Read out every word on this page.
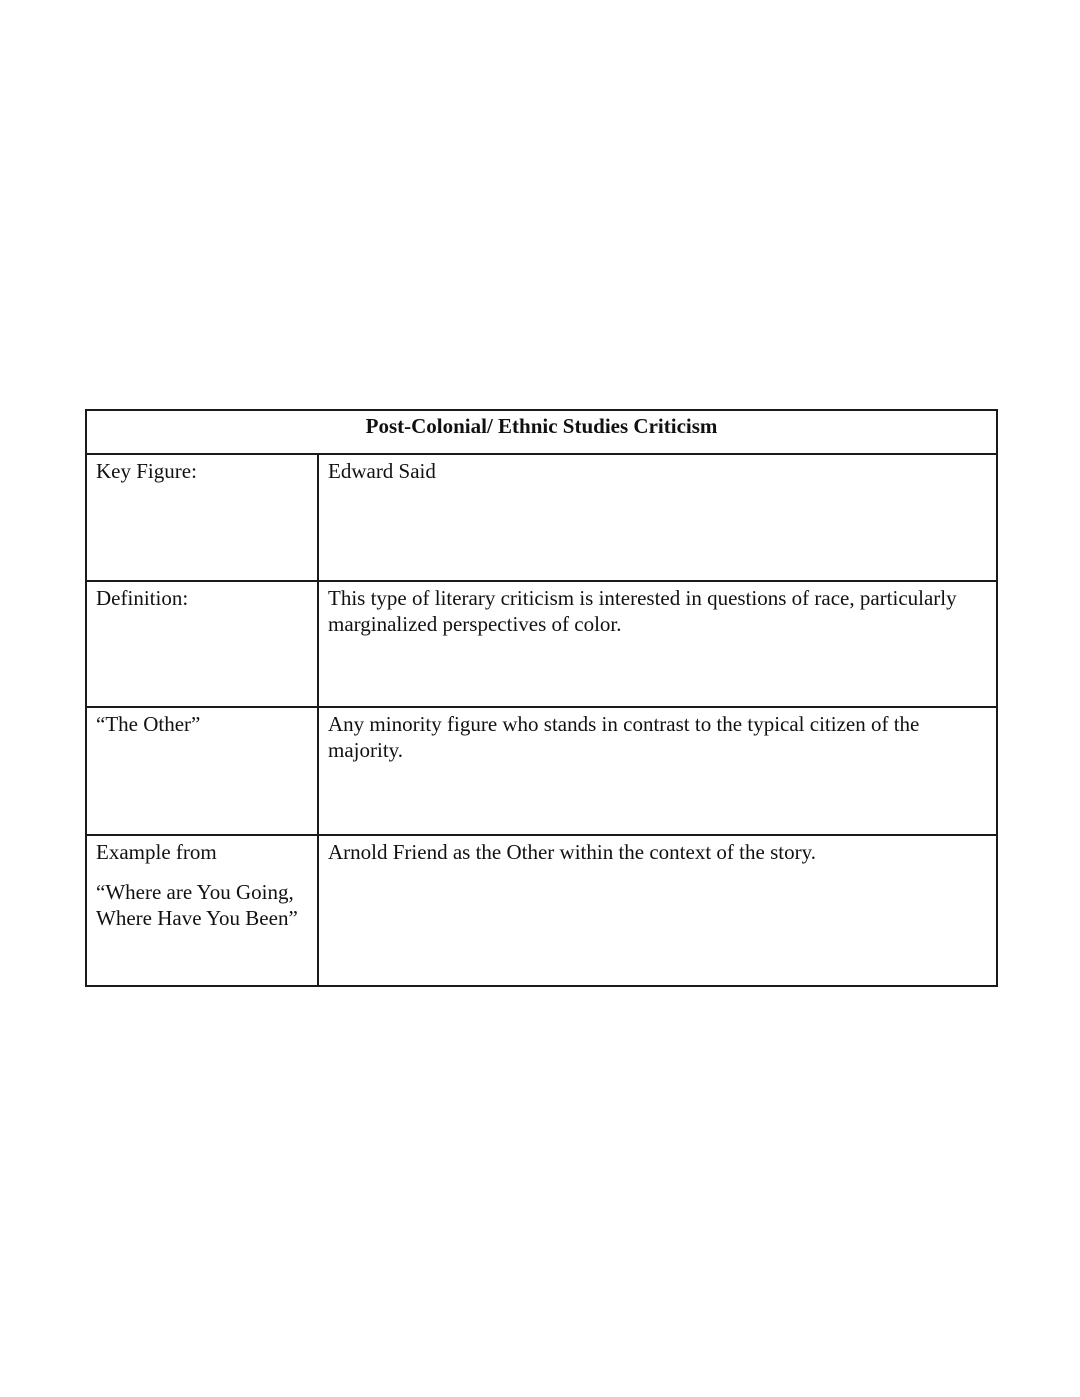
Post-Colonial/ Ethnic Studies Criticism	
Key Figure:	Edward Said
Definition:	This type of literary criticism is interested in questions of race, particularly marginalized perspectives of color.
“The Other”	Any minority figure who stands in contrast to the typical citizen of the majority.

Example from
“Where are You Going,
Where Have You Been”	Arnold Friend as the Other within the context of the story.
